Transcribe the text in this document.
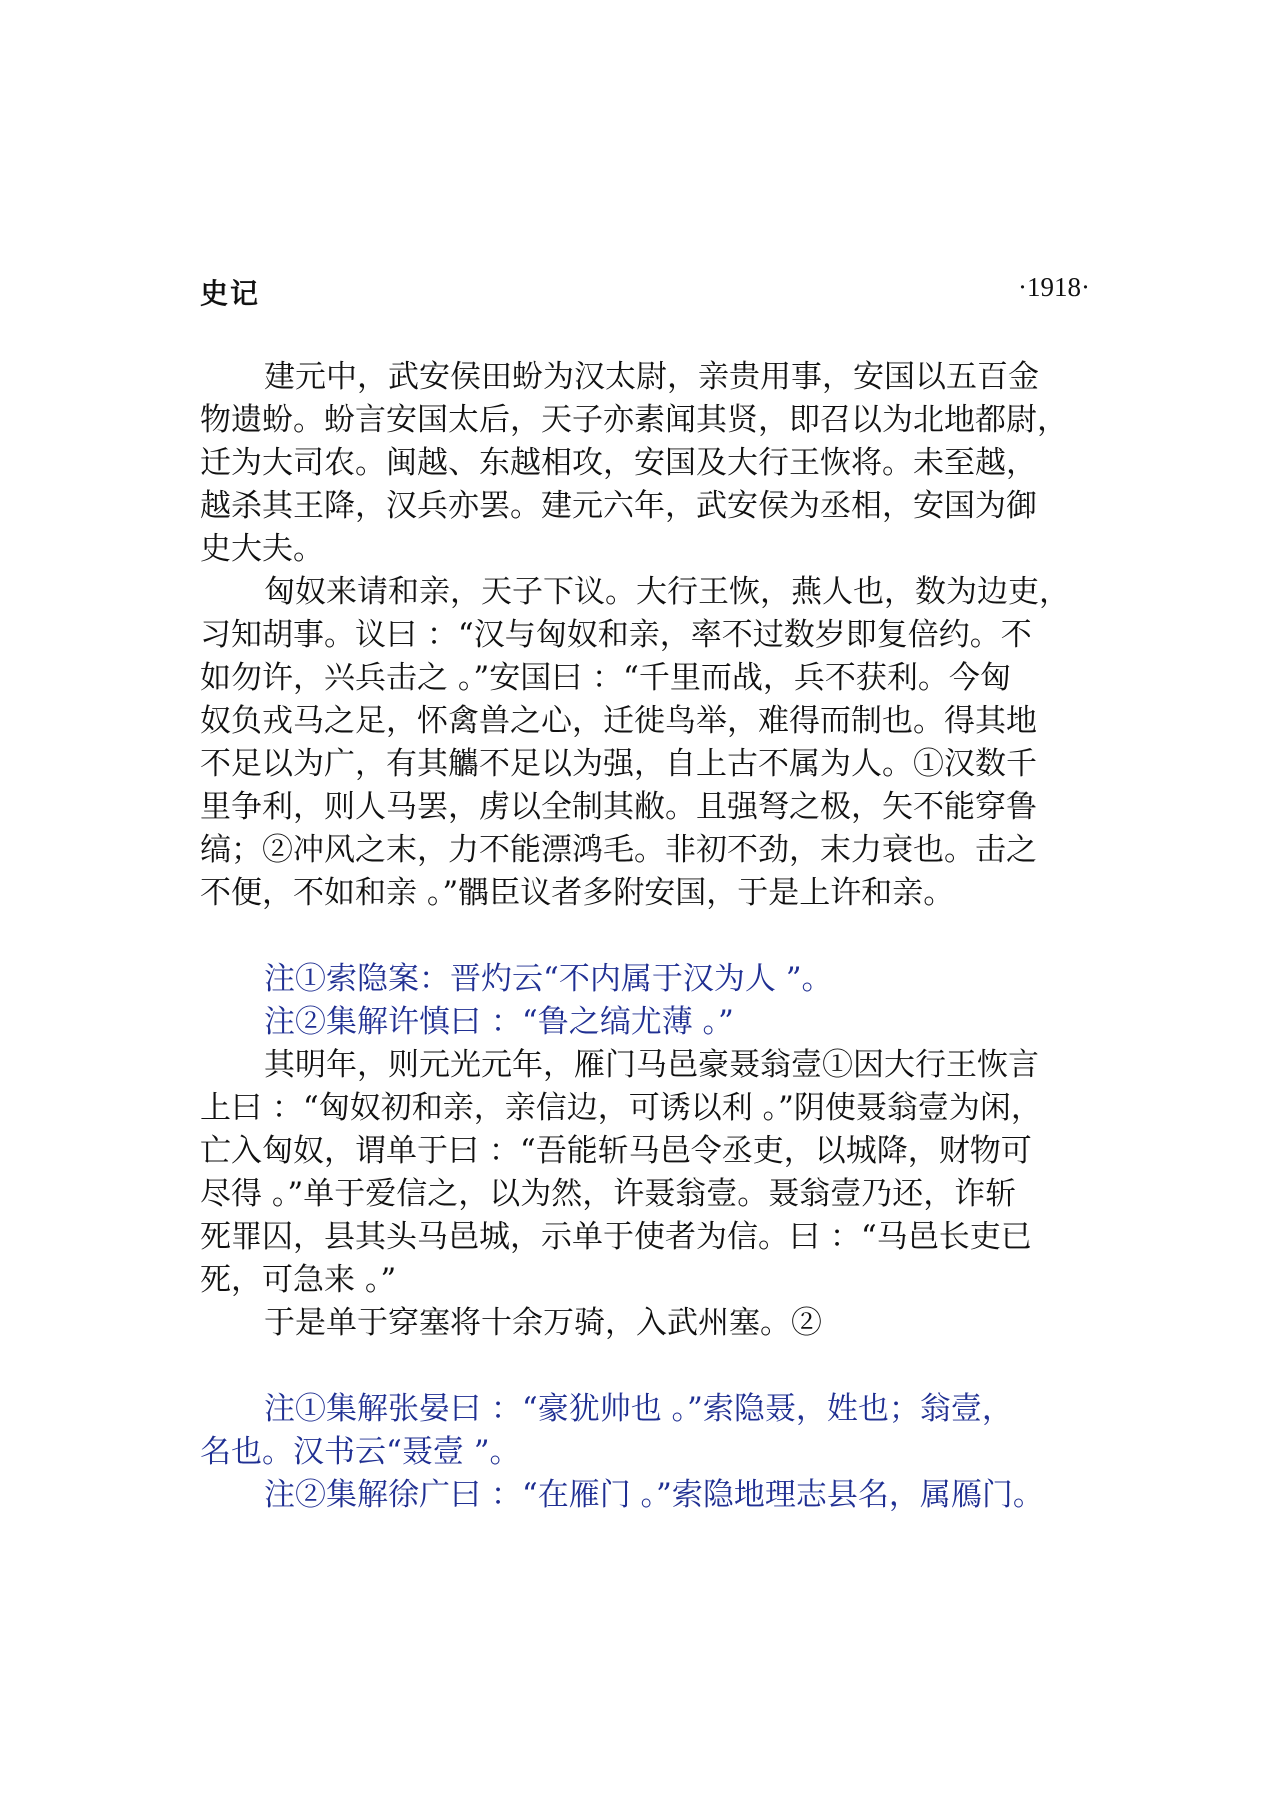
史记	·1918·
建元中，武安侯田蚡为汉太尉，亲贵用事，安国以五百金
物遗蚡。蚡言安国太后，天子亦素闻其贤，即召以为北地都尉，
迁为大司农。闽越、东越相攻，安国及大行王恢将。未至越，
越杀其王降，汉兵亦罢。建元六年，武安侯为丞相，安国为御
史大夫。
匈奴来请和亲，天子下议。大行王恢，燕人也，数为边吏，
习知胡事。议曰 ：“汉与匈奴和亲，率不过数岁即复倍约。不
如勿许，兴兵击之 。”安国曰 ：“千里而战，兵不获利。今匈
奴负戎马之足，怀禽兽之心，迁徙鸟举，难得而制也。得其地
不足以为广，有其觿不足以为强，自上古不属为人。①汉数千
里争利，则人马罢，虏以全制其敝。且强弩之极，矢不能穿鲁
缟；②冲风之末，力不能漂鸿毛。非初不劲，末力衰也。击之
不便，不如和亲 。”髃臣议者多附安国，于是上许和亲。
注①索隐案：晋灼云“不内属于汉为人 ”。
注②集解许慎曰 ：“鲁之缟尤薄 。”
其明年，则元光元年，雁门马邑豪聂翁壹①因大行王恢言
上曰 ：“匈奴初和亲，亲信边，可诱以利 。”阴使聂翁壹为闲，
亡入匈奴，谓单于曰 ：“吾能斩马邑令丞吏，以城降，财物可
尽得 。”单于爱信之，以为然，许聂翁壹。聂翁壹乃还，诈斩
死罪囚，县其头马邑城，示单于使者为信。曰 ：“马邑长吏已
死，可急来 。”
于是单于穿塞将十余万骑，入武州塞。②
注①集解张晏曰 ：“豪犹帅也 。”索隐聂，姓也；翁壹，
名也。汉书云“聂壹 ”。
注②集解徐广曰 ：“在雁门 。”索隐地理志县名，属鴈门。
